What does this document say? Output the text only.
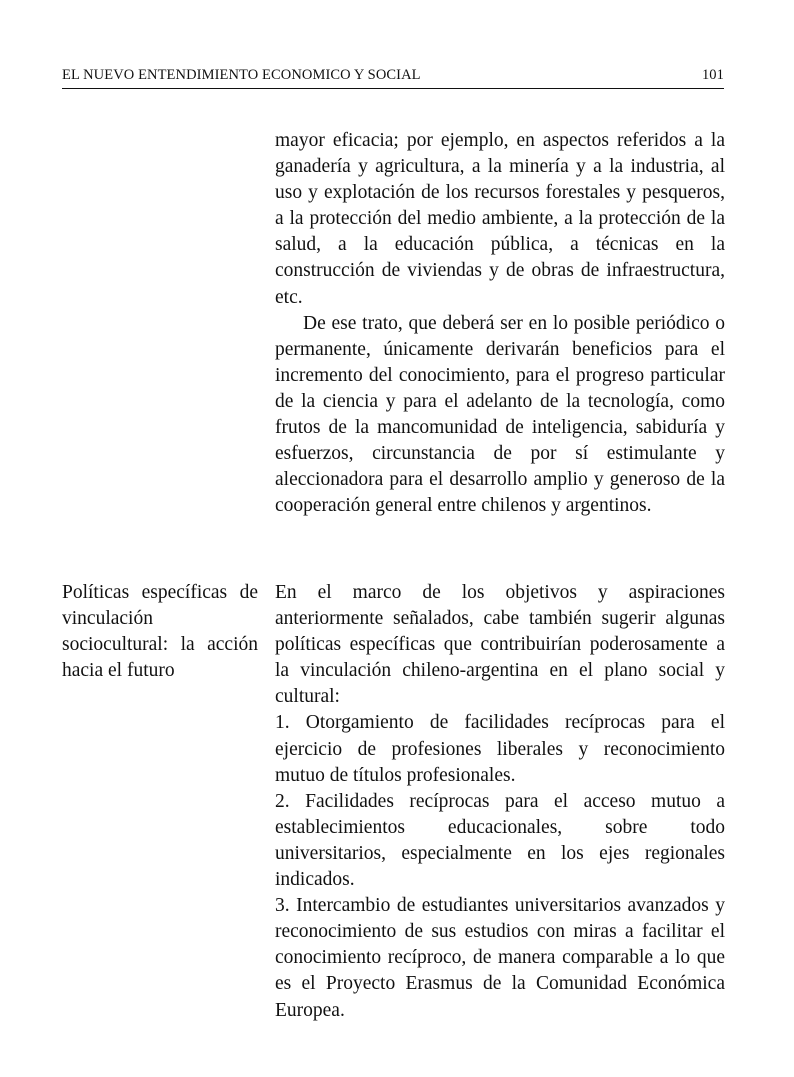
EL NUEVO ENTENDIMIENTO ECONOMICO Y SOCIAL	101

mayor eficacia; por ejemplo, en aspectos referidos a la ganadería y agricultura, a la minería y a la industria, al uso y explotación de los recursos forestales y pesqueros, a la protección del medio ambiente, a la protección de la salud, a la educación pública, a técnicas en la construcción de viviendas y de obras de infraestructura, etc.

De ese trato, que deberá ser en lo posible periódico o permanente, únicamente derivarán beneficios para el incremento del conocimiento, para el progreso particular de la ciencia y para el adelanto de la tecnología, como frutos de la mancomunidad de inteligencia, sabiduría y esfuerzos, circunstancia de por sí estimulante y aleccionadora para el desarrollo amplio y generoso de la cooperación general entre chilenos y argentinos.

Políticas específicas de vinculación sociocultural: la acción hacia el futuro

En el marco de los objetivos y aspiraciones anteriormente señalados, cabe también sugerir algunas políticas específicas que contribuirían poderosamente a la vinculación chileno-argentina en el plano social y cultural:

1. Otorgamiento de facilidades recíprocas para el ejercicio de profesiones liberales y reconocimiento mutuo de títulos profesionales.

2. Facilidades recíprocas para el acceso mutuo a establecimientos educacionales, sobre todo universitarios, especialmente en los ejes regionales indicados.

3. Intercambio de estudiantes universitarios avanzados y reconocimiento de sus estudios con miras a facilitar el conocimiento recíproco, de manera comparable a lo que es el Proyecto Erasmus de la Comunidad Económica Europea.
